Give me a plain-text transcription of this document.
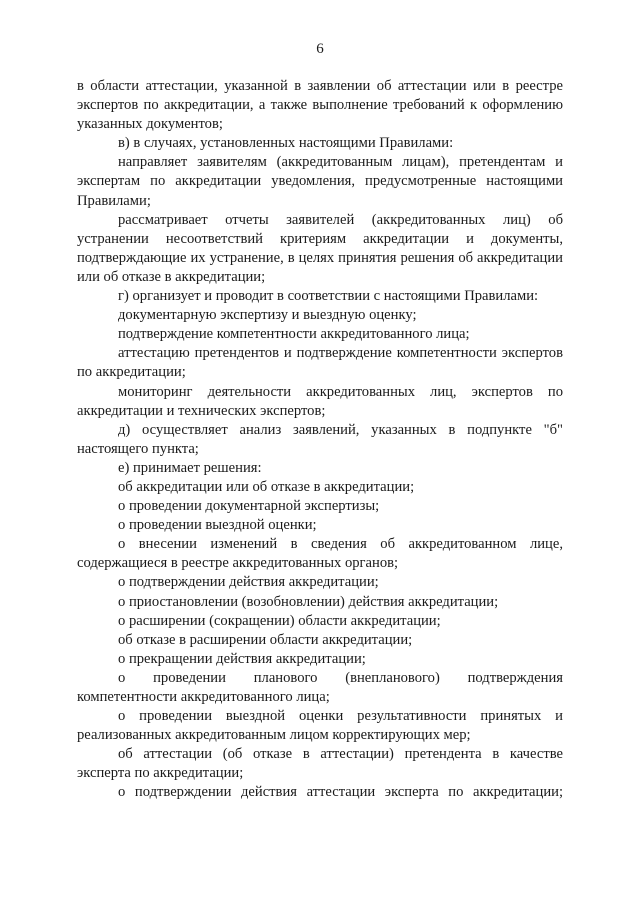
6

в области аттестации, указанной в заявлении об аттестации или в реестре экспертов по аккредитации, а также выполнение требований к оформлению указанных документов;

в) в случаях, установленных настоящими Правилами:

направляет заявителям (аккредитованным лицам), претендентам и экспертам по аккредитации уведомления, предусмотренные настоящими Правилами;

рассматривает отчеты заявителей (аккредитованных лиц) об устранении несоответствий критериям аккредитации и документы, подтверждающие их устранение, в целях принятия решения об аккредитации или об отказе в аккредитации;

г) организует и проводит в соответствии с настоящими Правилами:

документарную экспертизу и выездную оценку;

подтверждение компетентности аккредитованного лица;

аттестацию претендентов и подтверждение компетентности экспертов по аккредитации;

мониторинг деятельности аккредитованных лиц, экспертов по аккредитации и технических экспертов;

д) осуществляет анализ заявлений, указанных в подпункте "б" настоящего пункта;

е) принимает решения:

об аккредитации или об отказе в аккредитации;

о проведении документарной экспертизы;

о проведении выездной оценки;

о внесении изменений в сведения об аккредитованном лице, содержащиеся в реестре аккредитованных органов;

о подтверждении действия аккредитации;

о приостановлении (возобновлении) действия аккредитации;

о расширении (сокращении) области аккредитации;

об отказе в расширении области аккредитации;

о прекращении действия аккредитации;

о проведении планового (внепланового) подтверждения компетентности аккредитованного лица;

о проведении выездной оценки результативности принятых и реализованных аккредитованным лицом корректирующих мер;

об аттестации (об отказе в аттестации) претендента в качестве эксперта по аккредитации;

о подтверждении действия аттестации эксперта по аккредитации;
